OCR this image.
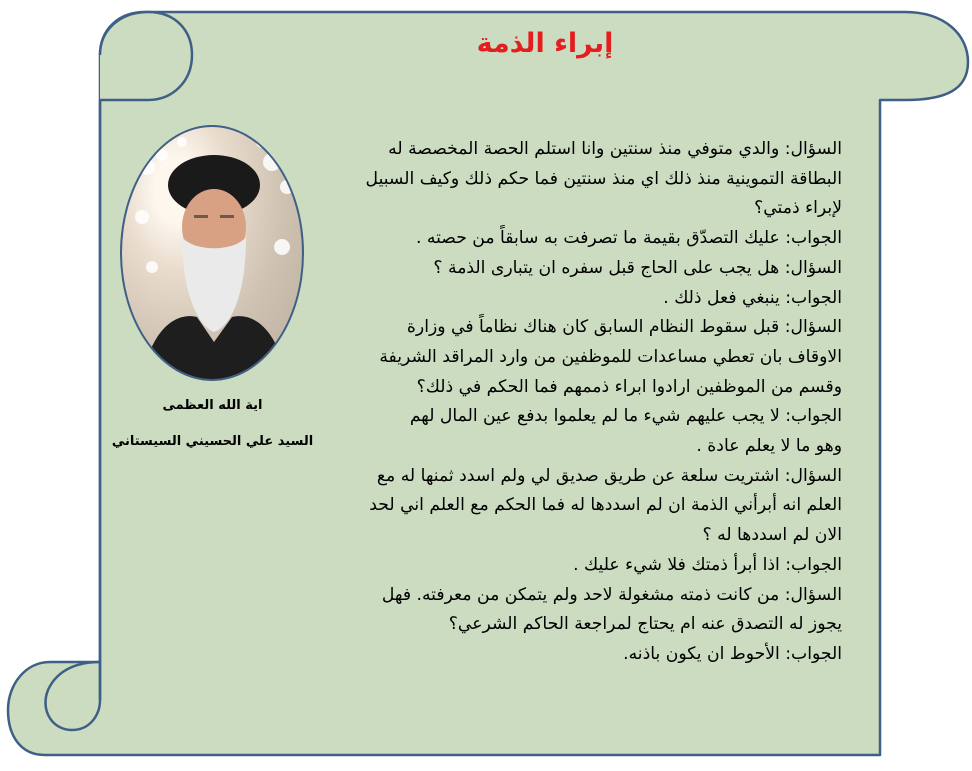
إبراء الذمة
اية الله العظمى
السيد علي الحسيني السيستاني
السؤال: والدي متوفي منذ سنتين وانا استلم الحصة المخصصة له
البطاقة التموينية منذ ذلك اي منذ سنتين فما حكم ذلك وكيف السبيل
لإبراء ذمتي؟
الجواب: عليك التصدّق بقيمة ما تصرفت به سابقاً من حصته .
السؤال: هل يجب على الحاج قبل سفره ان يتبارى الذمة ؟
الجواب: ينبغي فعل ذلك .
السؤال: قبل سقوط النظام السابق كان هناك نظاماً في وزارة
الاوقاف بان تعطي مساعدات للموظفين من وارد المراقد الشريفة
وقسم من الموظفين ارادوا ابراء ذممهم فما الحكم في ذلك؟
الجواب: لا يجب عليهم شيء ما لم يعلموا بدفع عين المال لهم
وهو ما لا يعلم عادة .
السؤال: اشتريت سلعة عن طريق صديق لي ولم اسدد ثمنها له مع
العلم انه أبرأني الذمة ان لم اسددها له فما الحكم مع العلم اني لحد
الان لم اسددها له ؟
الجواب: اذا أبرأ ذمتك فلا شيء عليك .
السؤال: من كانت ذمته مشغولة لاحد ولم يتمكن من معرفته. فهل
يجوز له التصدق عنه ام يحتاج لمراجعة الحاكم الشرعي؟
الجواب: الأحوط ان يكون باذنه.
